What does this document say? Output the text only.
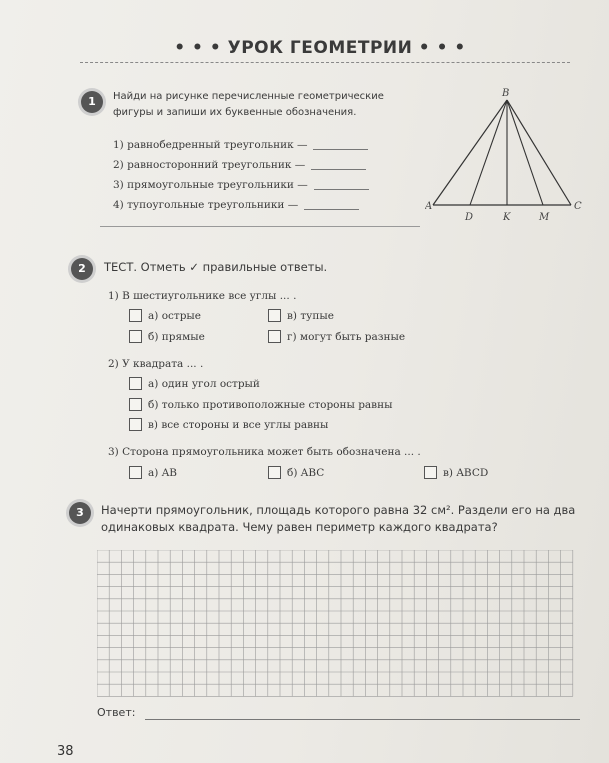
• • • УРОК ГЕОМЕТРИИ • • •
1	Найди на рисунке перечисленные геометрические
фигуры и запиши их буквенные обозначения.
1) равнобедренный треугольник —
2) равносторонний треугольник —
3) прямоугольные треугольники —
4) тупоугольные треугольники —
B
A	C
D	K	M
2	ТЕСТ. Отметь ✓ правильные ответы.
1) В шестиугольнике все углы ... .
а) острые	в) тупые
б) прямые	г) могут быть разные
2) У квадрата ... .
а) один угол острый
б) только противоположные стороны равны
в) все стороны и все углы равны
3) Сторона прямоугольника может быть обозначена ... .
а) AB	б) ABC	в) ABCD
3	Начерти прямоугольник, площадь которого равна 32 см². Раздели его на два
одинаковых квадрата. Чему равен периметр каждого квадрата?
Ответ:
38
